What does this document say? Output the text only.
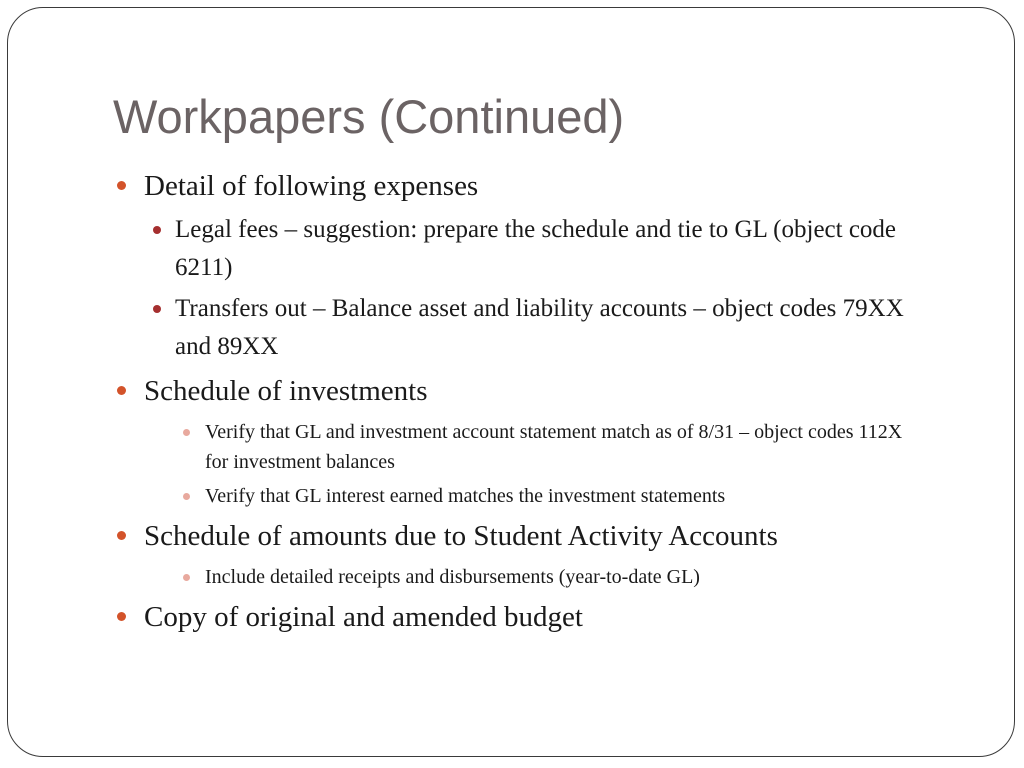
Workpapers (Continued)
Detail of following expenses
Legal fees – suggestion: prepare the schedule and tie to GL (object code 6211)
Transfers out – Balance asset and liability accounts – object codes 79XX and 89XX
Schedule of investments
Verify that GL and investment account statement match as of 8/31 – object codes 112X for investment balances
Verify that GL interest earned matches the investment statements
Schedule of amounts due to Student Activity Accounts
Include detailed receipts and disbursements (year-to-date GL)
Copy of original and amended budget
